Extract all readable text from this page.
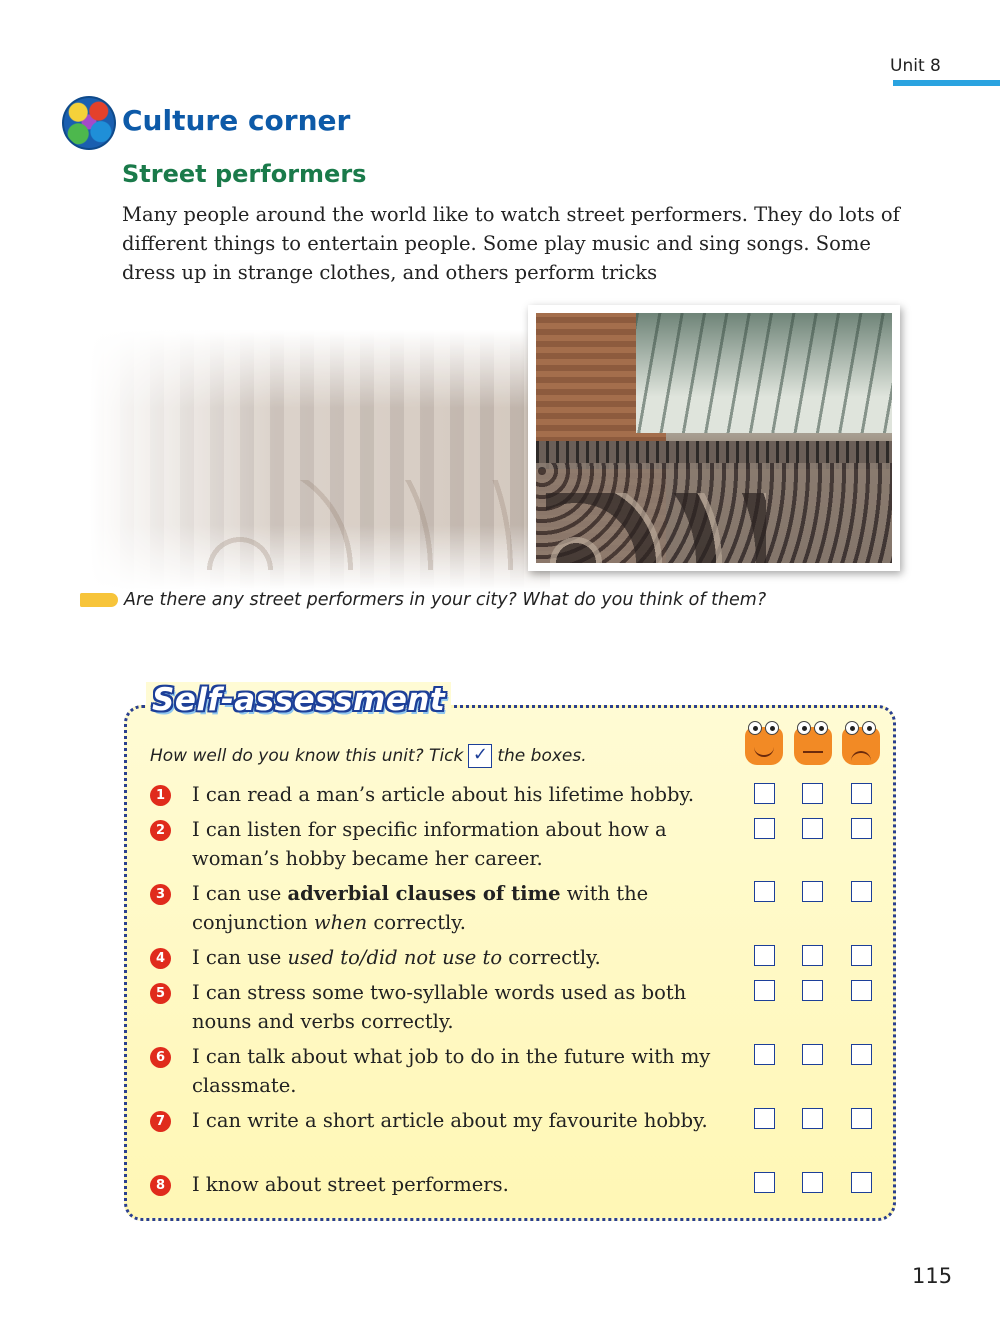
Unit 8
Culture corner
Street performers
Many people around the world like to watch street performers. They do lots of different things to entertain people. Some play music and sing songs. Some dress up in strange clothes, and others perform tricks
Are there any street performers in your city? What do you think of them?
Self-assessment
How well do you know this unit? Tick ✓ the boxes.
1	I can read a man’s article about his lifetime hobby.
2	I can listen for specific information about how a woman’s hobby became her career.
3	I can use adverbial clauses of time with the conjunction when correctly.
4	I can use used to/did not use to correctly.
5	I can stress some two-syllable words used as both nouns and verbs correctly.
6	I can talk about what job to do in the future with my classmate.
7	I can write a short article about my favourite hobby.
8	I know about street performers.
115
